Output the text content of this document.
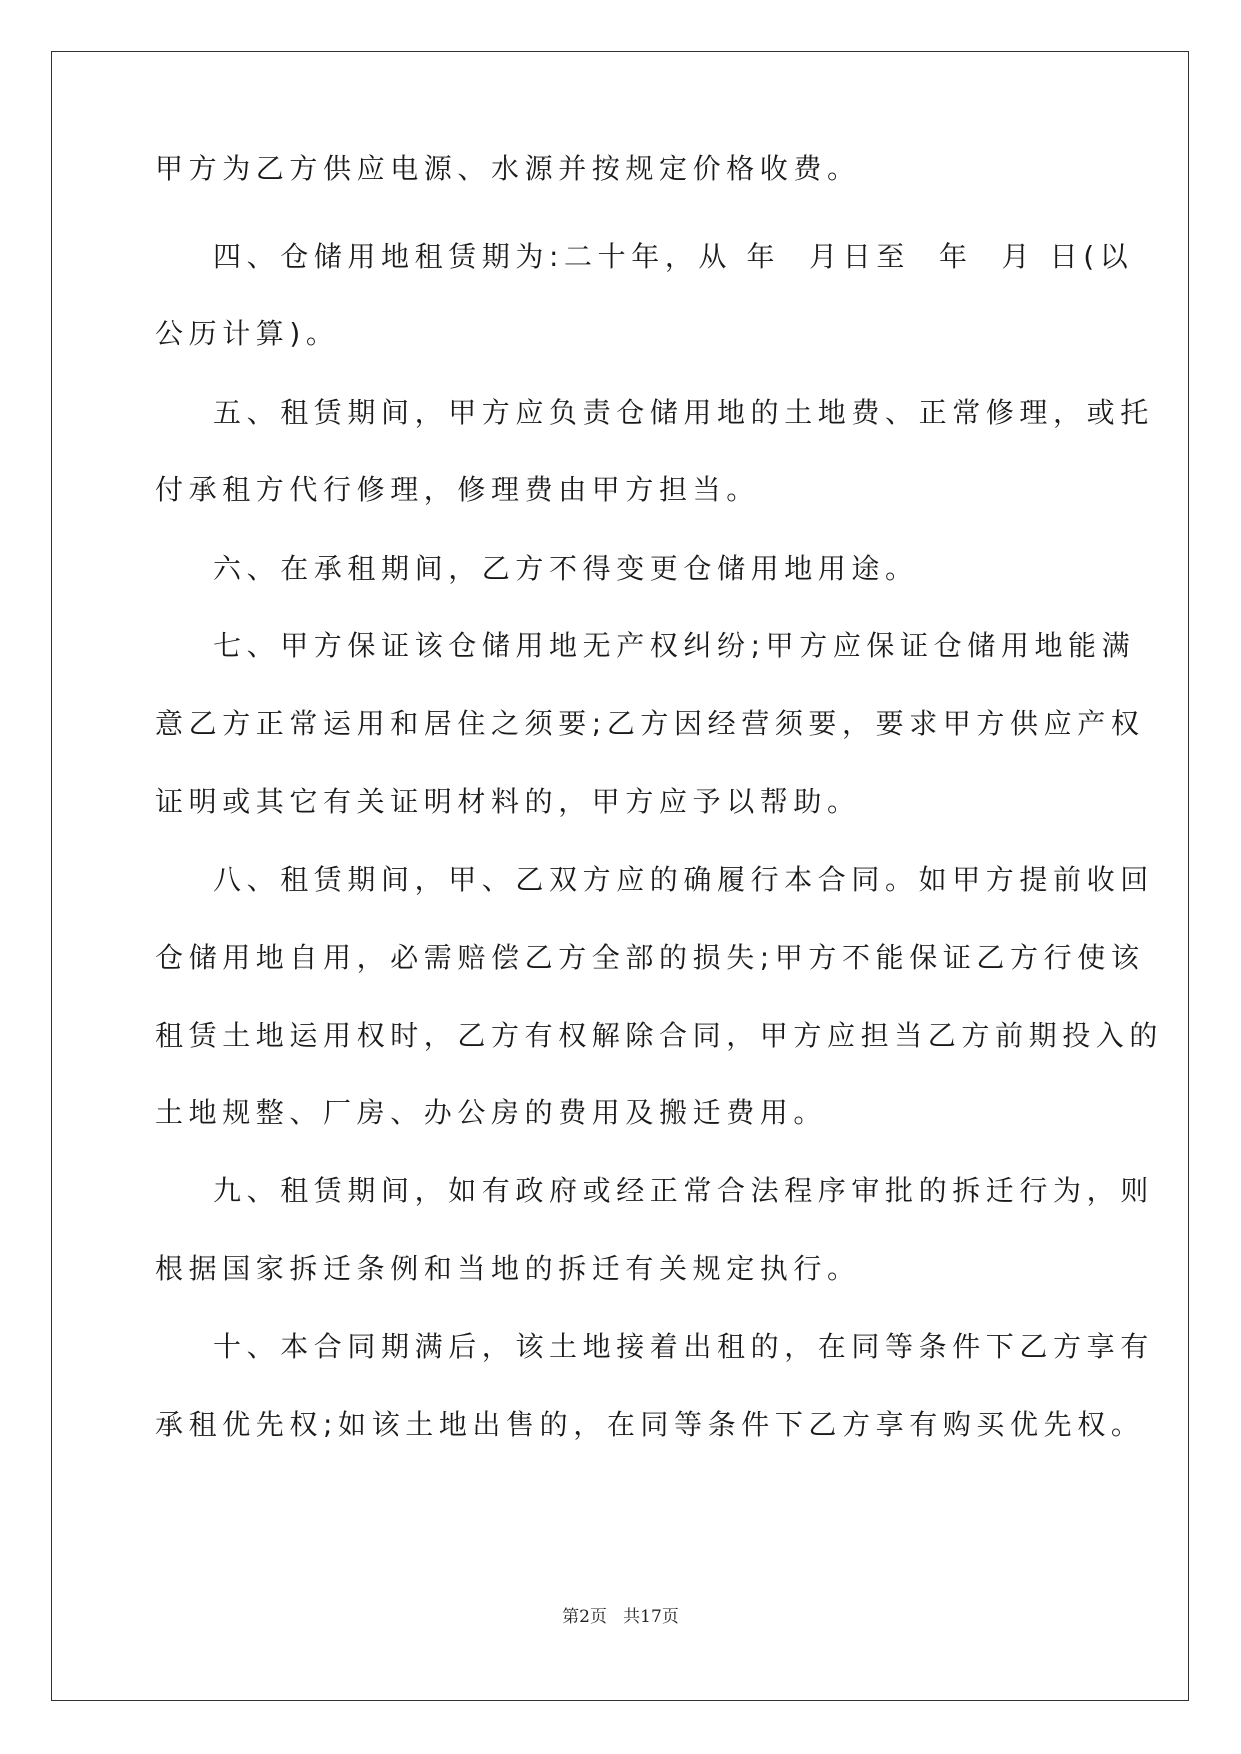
甲方为乙方供应电源、水源并按规定价格收费。
四、仓储用地租赁期为:二十年，从 年  月日至  年  月 日(以
公历计算)。
五、租赁期间，甲方应负责仓储用地的土地费、正常修理，或托
付承租方代行修理，修理费由甲方担当。
六、在承租期间，乙方不得变更仓储用地用途。
七、甲方保证该仓储用地无产权纠纷;甲方应保证仓储用地能满
意乙方正常运用和居住之须要;乙方因经营须要，要求甲方供应产权
证明或其它有关证明材料的，甲方应予以帮助。
八、租赁期间，甲、乙双方应的确履行本合同。如甲方提前收回
仓储用地自用，必需赔偿乙方全部的损失;甲方不能保证乙方行使该
租赁土地运用权时，乙方有权解除合同，甲方应担当乙方前期投入的
土地规整、厂房、办公房的费用及搬迁费用。
九、租赁期间，如有政府或经正常合法程序审批的拆迁行为，则
根据国家拆迁条例和当地的拆迁有关规定执行。
十、本合同期满后，该土地接着出租的，在同等条件下乙方享有
承租优先权;如该土地出售的，在同等条件下乙方享有购买优先权。
第2页   共17页
